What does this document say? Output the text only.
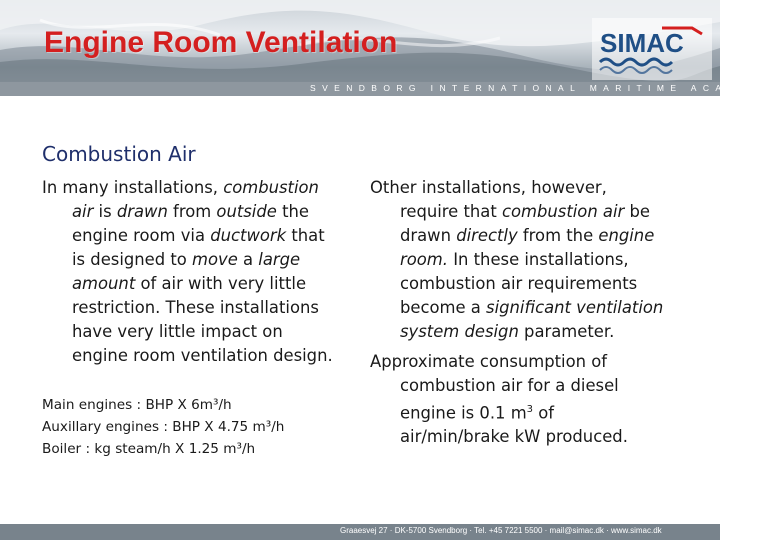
Engine Room Ventilation	SIMAC
SVENDBORG INTERNATIONAL MARITIME ACADEMY
Combustion Air

In many installations, combustion
air is drawn from outside the
engine room via ductwork that
is designed to move a large
amount of air with very little
restriction. These installations
have very little impact on
engine room ventilation design.

Other installations, however,
require that combustion air be
drawn directly from the engine
room. In these installations,
combustion air requirements
become a significant ventilation
system design parameter.

Approximate consumption of
combustion air for a diesel
engine is 0.1 $m^3$ of
air/min/brake kW produced.

Main engines : BHP X 6m³/h
Auxillary engines : BHP X 4.75 m³/h
Boiler : kg steam/h X 1.25 m³/h

Graaesvej 27 · DK-5700 Svendborg · Tel. +45 7221 5500 · mail@simac.dk · www.simac.dk
